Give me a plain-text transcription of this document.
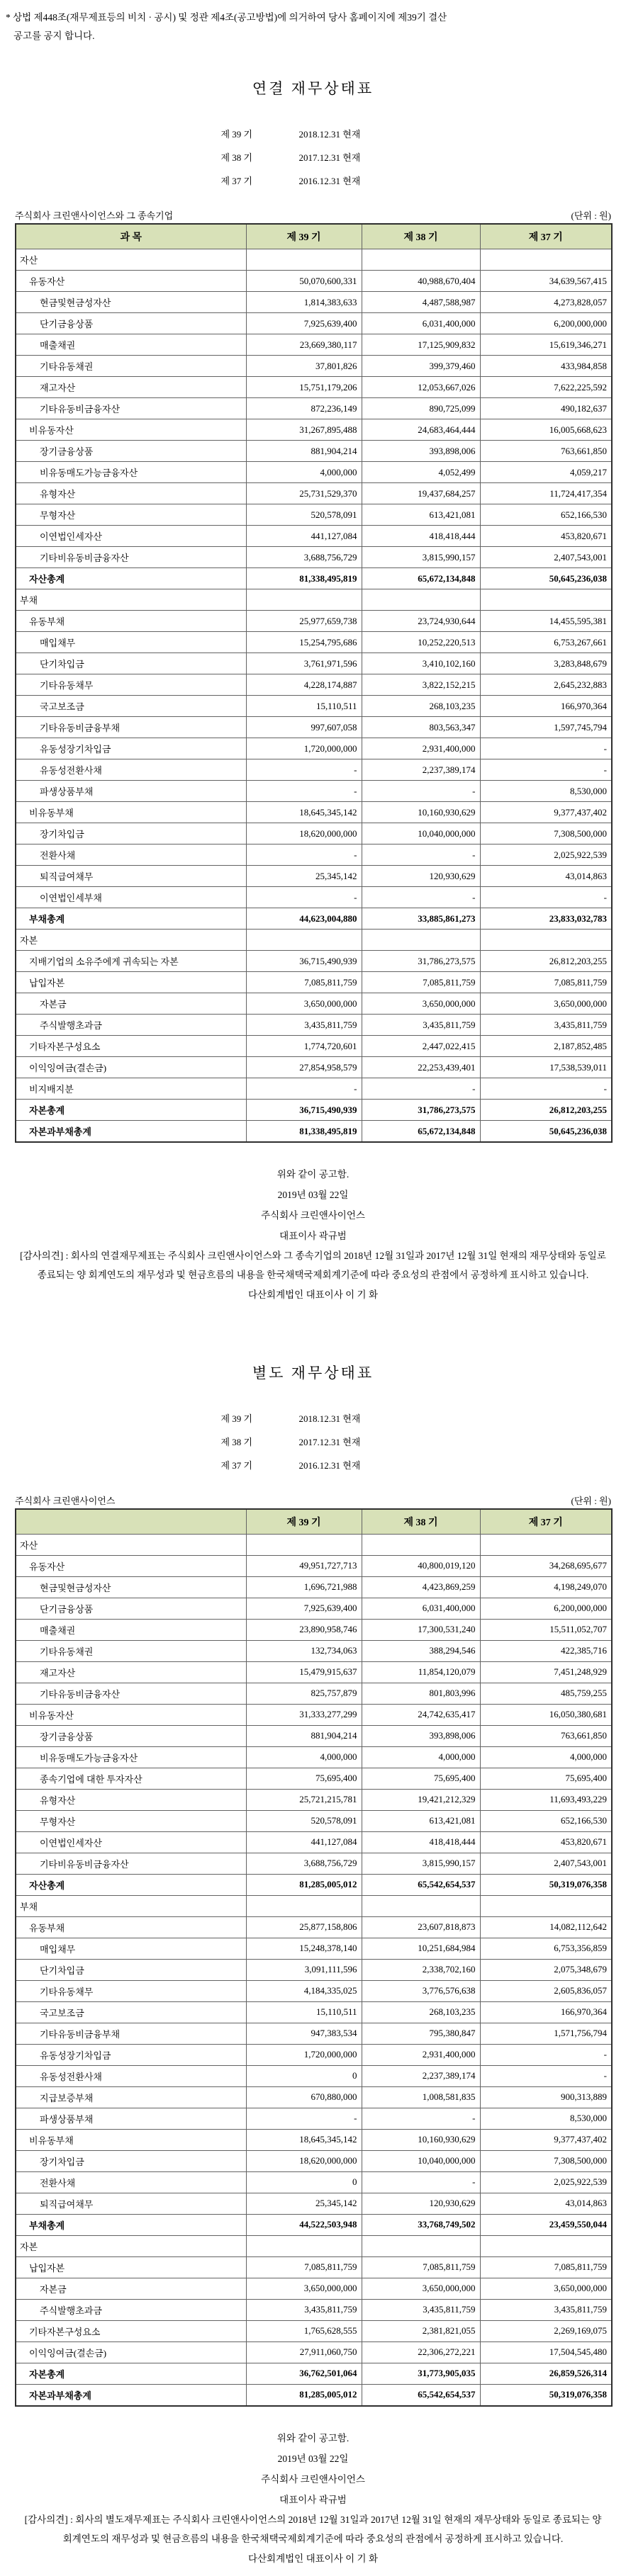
* 상법 제448조(재무제표등의 비치 · 공시) 및 정관 제4조(공고방법)에 의거하여 당사 홈페이지에 제39기 결산
공고를 공지 합니다.
연결 재무상태표
제 39 기	2018.12.31 현재
제 38 기	2017.12.31 현재
제 37 기	2016.12.31 현재
주식회사 크린앤사이언스와 그 종속기업	(단위 : 원)
과 목	제 39 기	제 38 기	제 37 기
자산			
유동자산	50,070,600,331	40,988,670,404	34,639,567,415
현금및현금성자산	1,814,383,633	4,487,588,987	4,273,828,057
단기금융상품	7,925,639,400	6,031,400,000	6,200,000,000
매출채권	23,669,380,117	17,125,909,832	15,619,346,271
기타유동채권	37,801,826	399,379,460	433,984,858
재고자산	15,751,179,206	12,053,667,026	7,622,225,592
기타유동비금융자산	872,236,149	890,725,099	490,182,637
비유동자산	31,267,895,488	24,683,464,444	16,005,668,623
장기금융상품	881,904,214	393,898,006	763,661,850
비유동매도가능금융자산	4,000,000	4,052,499	4,059,217
유형자산	25,731,529,370	19,437,684,257	11,724,417,354
무형자산	520,578,091	613,421,081	652,166,530
이연법인세자산	441,127,084	418,418,444	453,820,671
기타비유동비금융자산	3,688,756,729	3,815,990,157	2,407,543,001
자산총계	81,338,495,819	65,672,134,848	50,645,236,038
부채			
유동부채	25,977,659,738	23,724,930,644	14,455,595,381
매입채무	15,254,795,686	10,252,220,513	6,753,267,661
단기차입금	3,761,971,596	3,410,102,160	3,283,848,679
기타유동채무	4,228,174,887	3,822,152,215	2,645,232,883
국고보조금	15,110,511	268,103,235	166,970,364
기타유동비금융부채	997,607,058	803,563,347	1,597,745,794
유동성장기차입금	1,720,000,000	2,931,400,000	-
유동성전환사채	-	2,237,389,174	-
파생상품부채	-	-	8,530,000
비유동부채	18,645,345,142	10,160,930,629	9,377,437,402
장기차입금	18,620,000,000	10,040,000,000	7,308,500,000
전환사채	-	-	2,025,922,539
퇴직급여채무	25,345,142	120,930,629	43,014,863
이연법인세부채	-	-	-
부채총계	44,623,004,880	33,885,861,273	23,833,032,783
자본			
지배기업의 소유주에게 귀속되는 자본	36,715,490,939	31,786,273,575	26,812,203,255
납입자본	7,085,811,759	7,085,811,759	7,085,811,759
자본금	3,650,000,000	3,650,000,000	3,650,000,000
주식발행초과금	3,435,811,759	3,435,811,759	3,435,811,759
기타자본구성요소	1,774,720,601	2,447,022,415	2,187,852,485
이익잉여금(결손금)	27,854,958,579	22,253,439,401	17,538,539,011
비지배지분	-	-	-
자본총계	36,715,490,939	31,786,273,575	26,812,203,255
자본과부채총계	81,338,495,819	65,672,134,848	50,645,236,038
위와 같이 공고함.
2019년 03월 22일
주식회사 크린앤사이언스
대표이사 곽규범
[감사의견] : 회사의 연결재무제표는 주식회사 크린앤사이언스와 그 종속기업의 2018년 12월 31일과 2017년 12월 31일 현재의 재무상태와 동일로 종료되는 양 회계연도의 재무성과 및 현금흐름의 내용을 한국채택국제회계기준에 따라 중요성의 관점에서 공정하게 표시하고 있습니다.
다산회계법인 대표이사 이 기 화
별도 재무상태표
제 39 기	2018.12.31 현재
제 38 기	2017.12.31 현재
제 37 기	2016.12.31 현재
주식회사 크린앤사이언스	(단위 : 원)
	제 39 기	제 38 기	제 37 기
자산			
유동자산	49,951,727,713	40,800,019,120	34,268,695,677
현금및현금성자산	1,696,721,988	4,423,869,259	4,198,249,070
단기금융상품	7,925,639,400	6,031,400,000	6,200,000,000
매출채권	23,890,958,746	17,300,531,240	15,511,052,707
기타유동채권	132,734,063	388,294,546	422,385,716
재고자산	15,479,915,637	11,854,120,079	7,451,248,929
기타유동비금융자산	825,757,879	801,803,996	485,759,255
비유동자산	31,333,277,299	24,742,635,417	16,050,380,681
장기금융상품	881,904,214	393,898,006	763,661,850
비유동매도가능금융자산	4,000,000	4,000,000	4,000,000
종속기업에 대한 투자자산	75,695,400	75,695,400	75,695,400
유형자산	25,721,215,781	19,421,212,329	11,693,493,229
무형자산	520,578,091	613,421,081	652,166,530
이연법인세자산	441,127,084	418,418,444	453,820,671
기타비유동비금융자산	3,688,756,729	3,815,990,157	2,407,543,001
자산총계	81,285,005,012	65,542,654,537	50,319,076,358
부채			
유동부채	25,877,158,806	23,607,818,873	14,082,112,642
매입채무	15,248,378,140	10,251,684,984	6,753,356,859
단기차입금	3,091,111,596	2,338,702,160	2,075,348,679
기타유동채무	4,184,335,025	3,776,576,638	2,605,836,057
국고보조금	15,110,511	268,103,235	166,970,364
기타유동비금융부채	947,383,534	795,380,847	1,571,756,794
유동성장기차입금	1,720,000,000	2,931,400,000	-
유동성전환사채	0	2,237,389,174	-
지급보증부채	670,880,000	1,008,581,835	900,313,889
파생상품부채	-	-	8,530,000
비유동부채	18,645,345,142	10,160,930,629	9,377,437,402
장기차입금	18,620,000,000	10,040,000,000	7,308,500,000
전환사채	0	-	2,025,922,539
퇴직급여채무	25,345,142	120,930,629	43,014,863
부채총계	44,522,503,948	33,768,749,502	23,459,550,044
자본			
납입자본	7,085,811,759	7,085,811,759	7,085,811,759
자본금	3,650,000,000	3,650,000,000	3,650,000,000
주식발행초과금	3,435,811,759	3,435,811,759	3,435,811,759
기타자본구성요소	1,765,628,555	2,381,821,055	2,269,169,075
이익잉여금(결손금)	27,911,060,750	22,306,272,221	17,504,545,480
자본총계	36,762,501,064	31,773,905,035	26,859,526,314
자본과부채총계	81,285,005,012	65,542,654,537	50,319,076,358
위와 같이 공고함.
2019년 03월 22일
주식회사 크린앤사이언스
대표이사 곽규범
[감사의견] : 회사의 별도재무제표는 주식회사 크린앤사이언스의 2018년 12월 31일과 2017년 12월 31일 현재의 재무상태와 동일로 종료되는 양 회계연도의 재무성과 및 현금흐름의 내용을 한국채택국제회계기준에 따라 중요성의 관점에서 공정하게 표시하고 있습니다.
다산회계법인 대표이사 이 기 화
